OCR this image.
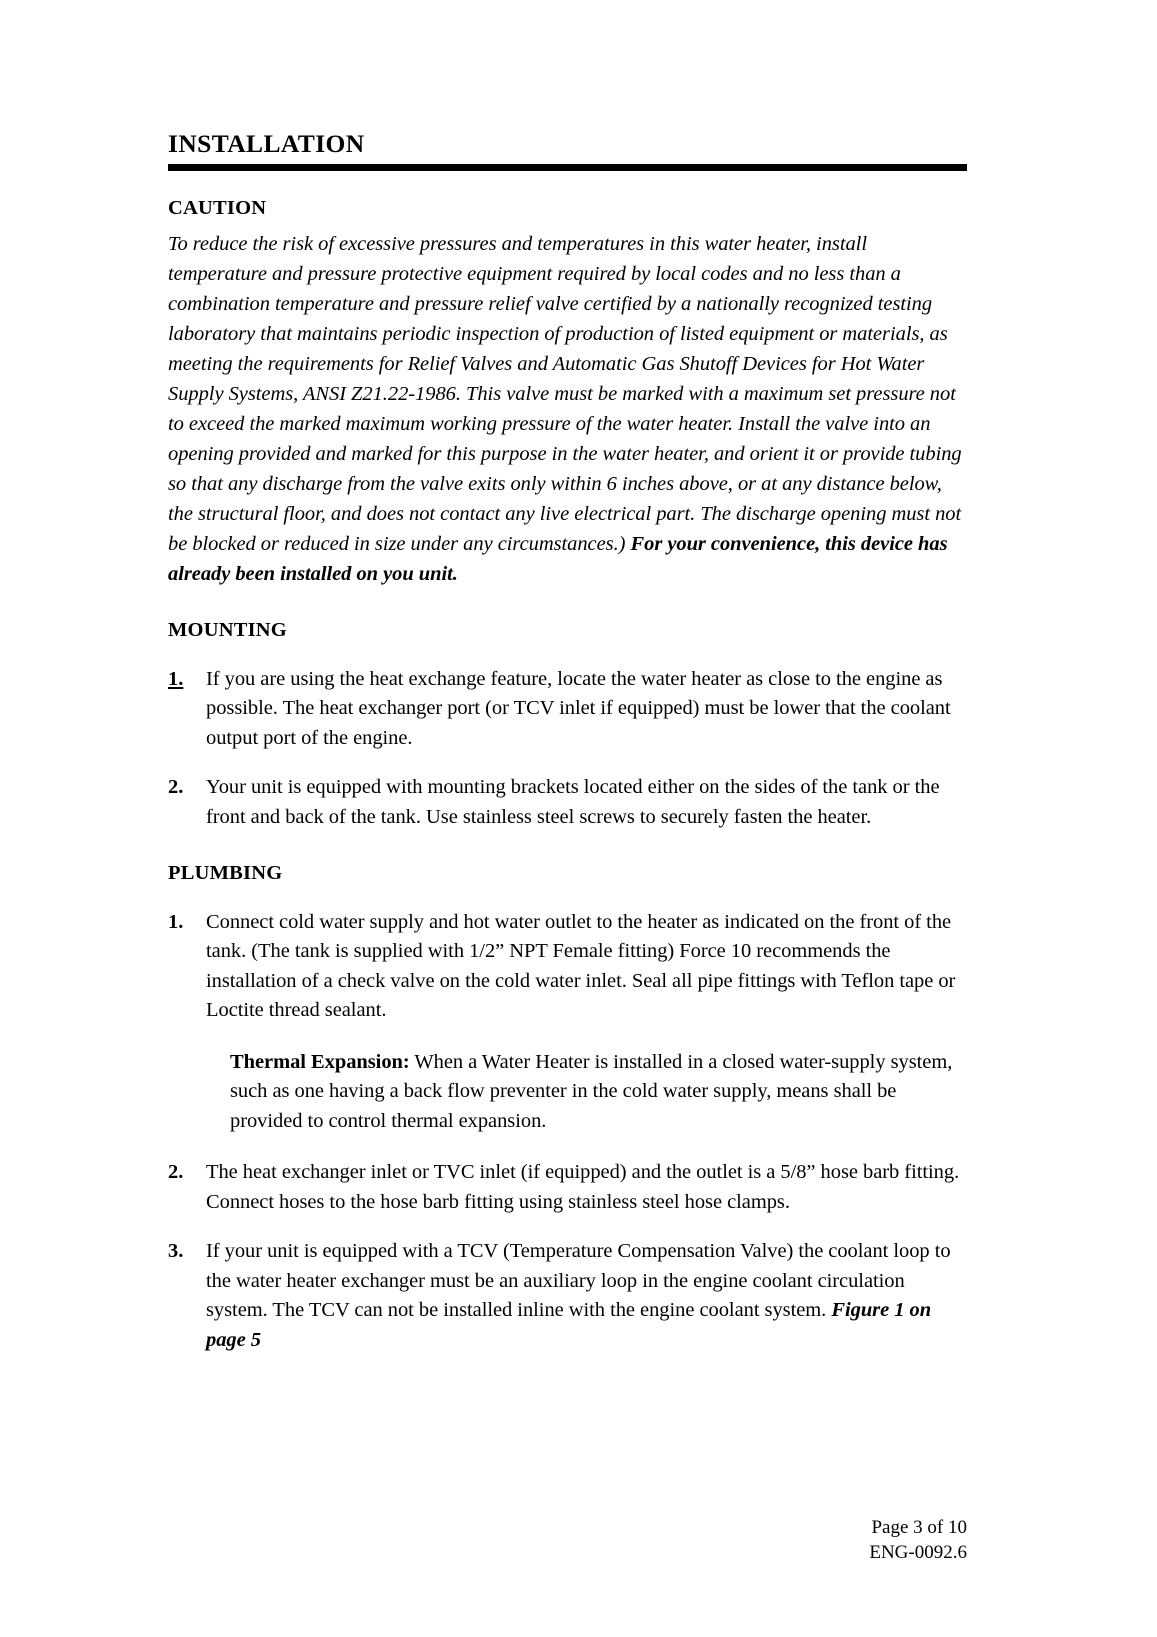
INSTALLATION
CAUTION

To reduce the risk of excessive pressures and temperatures in this water heater, install temperature and pressure protective equipment required by local codes and no less than a combination temperature and pressure relief valve certified by a nationally recognized testing laboratory that maintains periodic inspection of production of listed equipment or materials, as meeting the requirements for Relief Valves and Automatic Gas Shutoff Devices for Hot Water Supply Systems, ANSI Z21.22-1986. This valve must be marked with a maximum set pressure not to exceed the marked maximum working pressure of the water heater. Install the valve into an opening provided and marked for this purpose in the water heater, and orient it or provide tubing so that any discharge from the valve exits only within 6 inches above, or at any distance below, the structural floor, and does not contact any live electrical part. The discharge opening must not be blocked or reduced in size under any circumstances.) For your convenience, this device has already been installed on you unit.

MOUNTING
1.	If you are using the heat exchange feature, locate the water heater as close to the engine as possible. The heat exchanger port (or TCV inlet if equipped) must be lower that the coolant output port of the engine.
2.	Your unit is equipped with mounting brackets located either on the sides of the tank or the front and back of the tank. Use stainless steel screws to securely fasten the heater.
PLUMBING
1.	Connect cold water supply and hot water outlet to the heater as indicated on the front of the tank. (The tank is supplied with 1/2” NPT Female fitting) Force 10 recommends the installation of a check valve on the cold water inlet. Seal all pipe fittings with Teflon tape or Loctite thread sealant.
Thermal Expansion: When a Water Heater is installed in a closed water-supply system, such as one having a back flow preventer in the cold water supply, means shall be provided to control thermal expansion.
2.	The heat exchanger inlet or TVC inlet (if equipped) and the outlet is a 5/8” hose barb fitting. Connect hoses to the hose barb fitting using stainless steel hose clamps.
3.	If your unit is equipped with a TCV (Temperature Compensation Valve) the coolant loop to the water heater exchanger must be an auxiliary loop in the engine coolant circulation system. The TCV can not be installed inline with the engine coolant system. Figure 1 on page 5
Page 3 of 10
ENG-0092.6
